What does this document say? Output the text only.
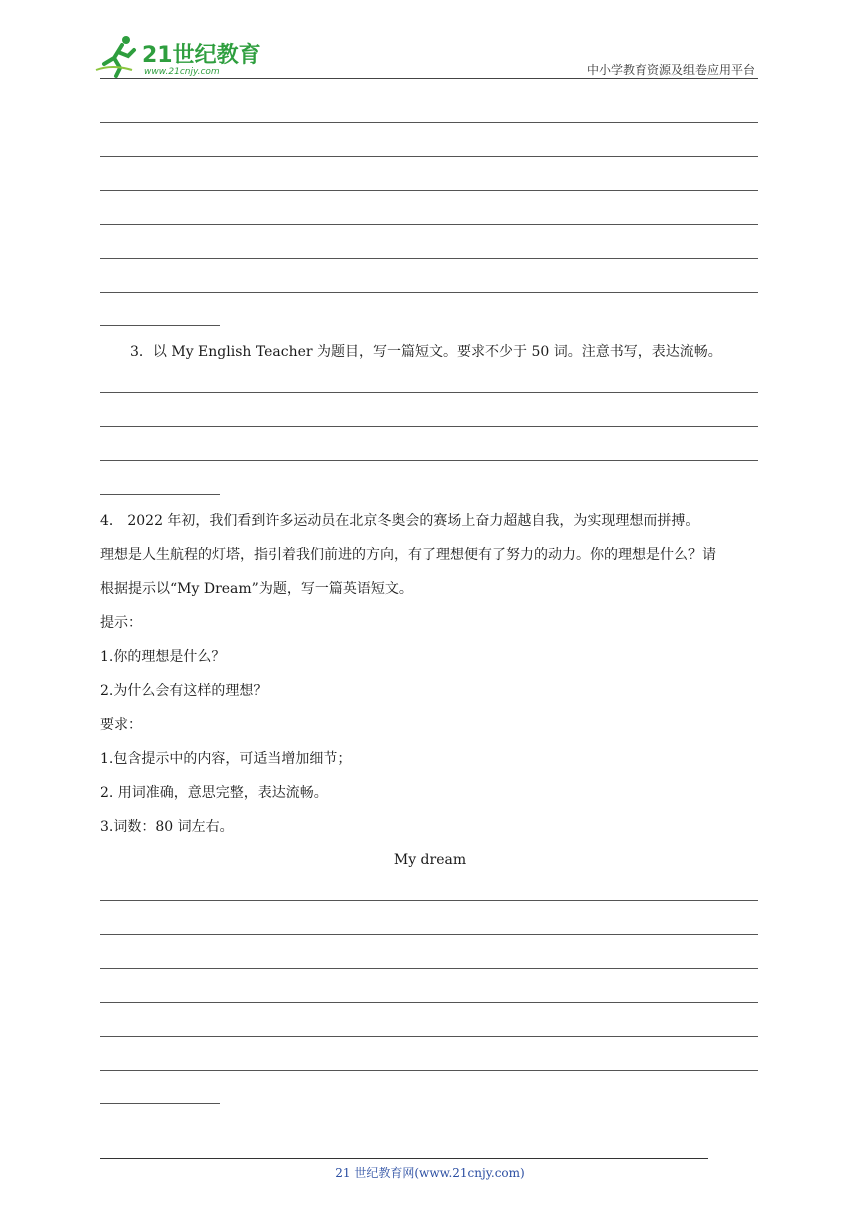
21世纪教育
www.21cnjy.com	中小学教育资源及组卷应用平台
3．以 My English Teacher 为题目，写一篇短文。要求不少于 50 词。注意书写，表达流畅。
4． 2022 年初，我们看到许多运动员在北京冬奥会的赛场上奋力超越自我，为实现理想而拼搏。
理想是人生航程的灯塔，指引着我们前进的方向，有了理想便有了努力的动力。你的理想是什么？请
根据提示以“My Dream”为题，写一篇英语短文。
提示：
1.你的理想是什么？
2.为什么会有这样的理想？
要求：
1.包含提示中的内容，可适当增加细节；
2. 用词准确，意思完整，表达流畅。
3.词数：80 词左右。
My dream
21 世纪教育网(www.21cnjy.com)
